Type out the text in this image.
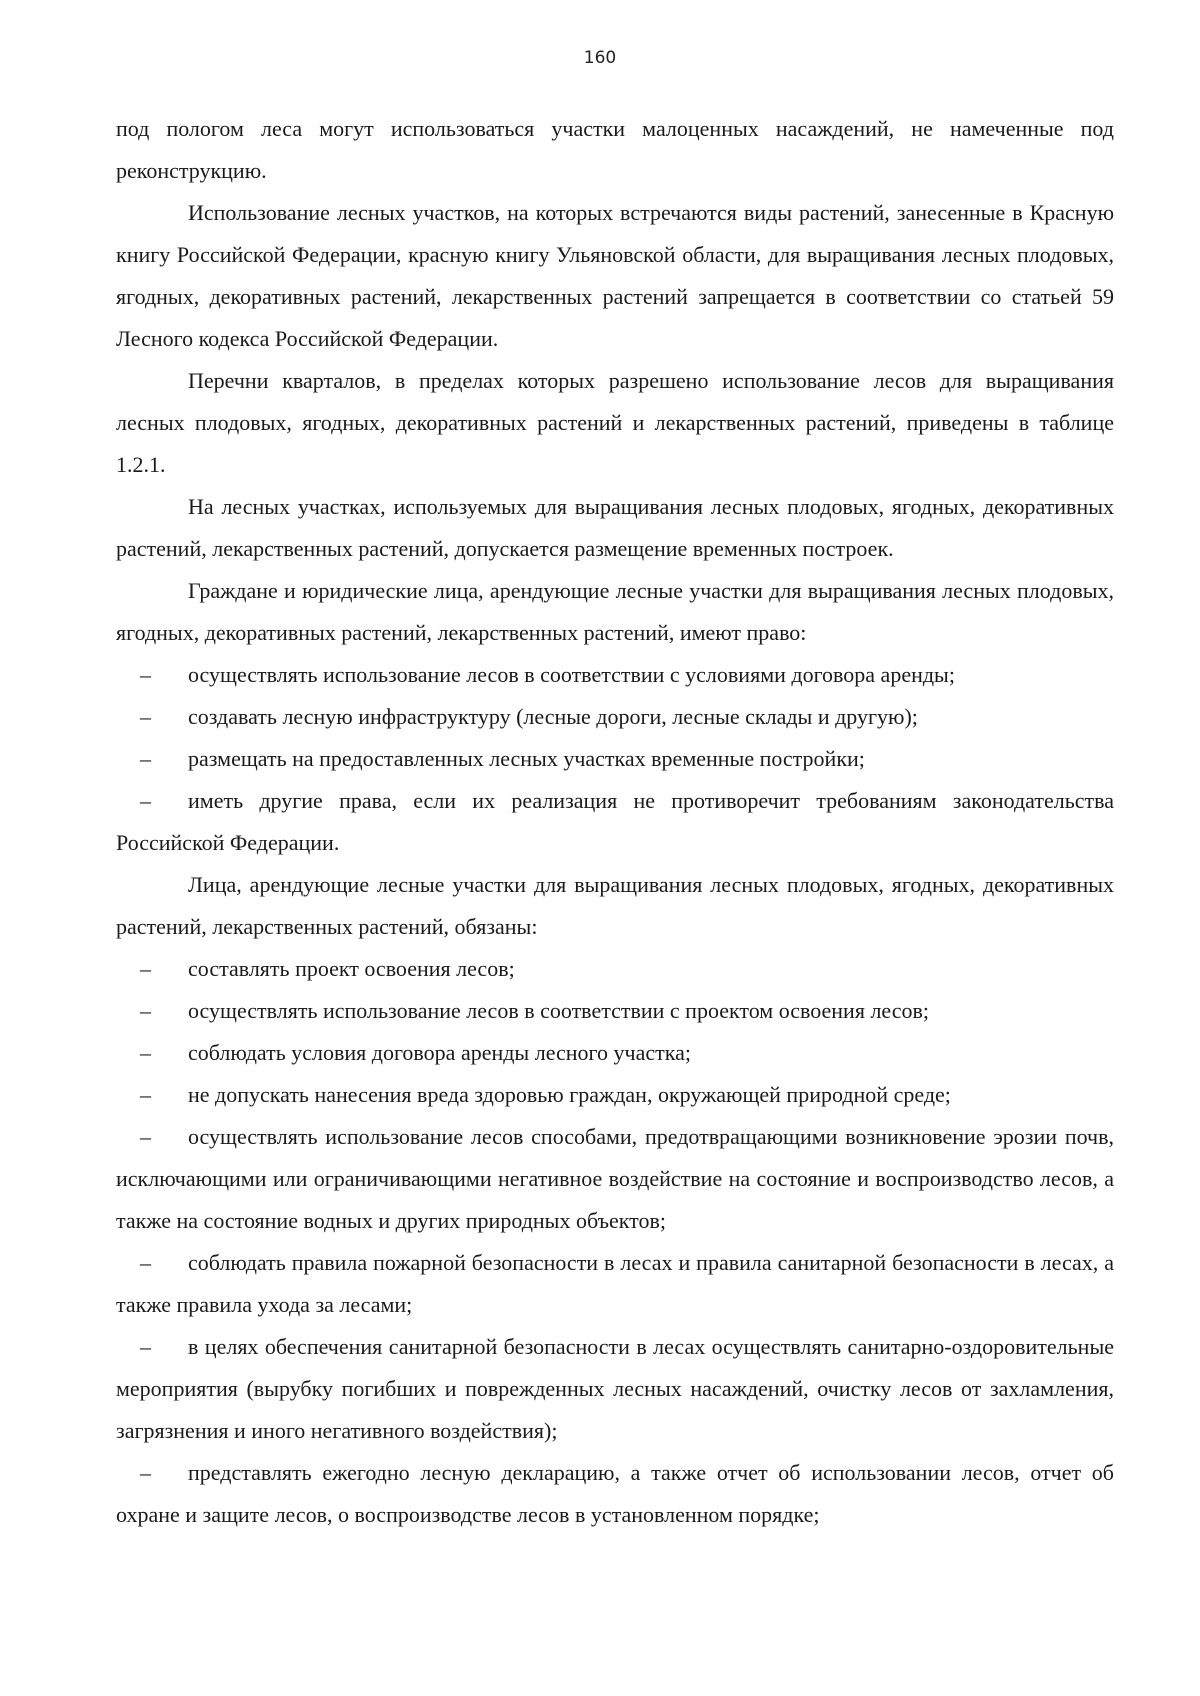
160

под пологом леса могут использоваться участки малоценных насаждений, не намеченные под реконструкцию.

Использование лесных участков, на которых встречаются виды растений, занесенные в Красную книгу Российской Федерации, красную книгу Ульяновской области, для выращивания лесных плодовых, ягодных, декоративных растений, лекарственных растений запрещается в соответствии со статьей 59 Лесного кодекса Российской Федерации.

Перечни кварталов, в пределах которых разрешено использование лесов для выращивания лесных плодовых, ягодных, декоративных растений и лекарственных растений, приведены в таблице 1.2.1.

На лесных участках, используемых для выращивания лесных плодовых, ягодных, декоративных растений, лекарственных растений, допускается размещение временных построек.

Граждане и юридические лица, арендующие лесные участки для выращивания лесных плодовых, ягодных, декоративных растений, лекарственных растений, имеют право:

– осуществлять использование лесов в соответствии с условиями договора аренды;

– создавать лесную инфраструктуру (лесные дороги, лесные склады и другую);

– размещать на предоставленных лесных участках временные постройки;

– иметь другие права, если их реализация не противоречит требованиям законодательства Российской Федерации.

Лица, арендующие лесные участки для выращивания лесных плодовых, ягодных, декоративных растений, лекарственных растений, обязаны:

– составлять проект освоения лесов;

– осуществлять использование лесов в соответствии с проектом освоения лесов;

– соблюдать условия договора аренды лесного участка;

– не допускать нанесения вреда здоровью граждан, окружающей природной среде;

– осуществлять использование лесов способами, предотвращающими возникновение эрозии почв, исключающими или ограничивающими негативное воздействие на состояние и воспроизводство лесов, а также на состояние водных и других природных объектов;

– соблюдать правила пожарной безопасности в лесах и правила санитарной безопасности в лесах, а также правила ухода за лесами;

– в целях обеспечения санитарной безопасности в лесах осуществлять санитарно-оздоровительные мероприятия (вырубку погибших и поврежденных лесных насаждений, очистку лесов от захламления, загрязнения и иного негативного воздействия);

– представлять ежегодно лесную декларацию, а также отчет об использовании лесов, отчет об охране и защите лесов, о воспроизводстве лесов в установленном порядке;
